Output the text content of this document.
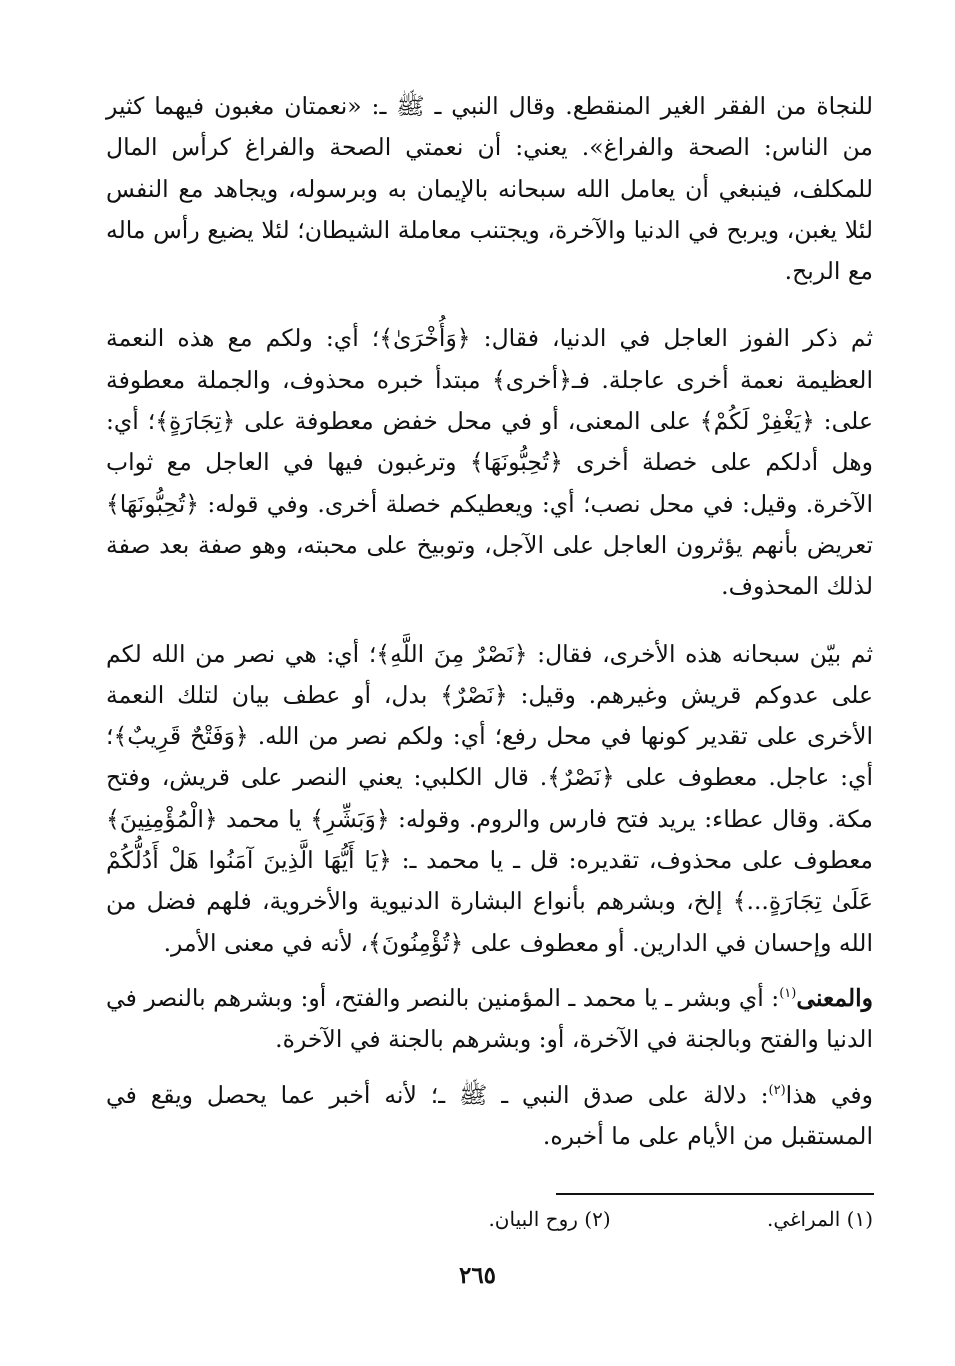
للنجاة من الفقر الغير المنقطع. وقال النبي ـ ﷺ ـ: «نعمتان مغبون فيهما كثير من الناس: الصحة والفراغ». يعني: أن نعمتي الصحة والفراغ كرأس المال للمكلف، فينبغي أن يعامل الله سبحانه بالإيمان به وبرسوله، ويجاهد مع النفس لئلا يغبن، ويربح في الدنيا والآخرة، ويجتنب معاملة الشيطان؛ لئلا يضيع رأس ماله مع الربح.

ثم ذكر الفوز العاجل في الدنيا، فقال: ﴿وَأُخْرَىٰ﴾؛ أي: ولكم مع هذه النعمة العظيمة نعمة أخرى عاجلة. فـ﴿أخرى﴾ مبتدأ خبره محذوف، والجملة معطوفة على: ﴿يَغْفِرْ لَكُمْ﴾ على المعنى، أو في محل خفض معطوفة على ﴿تِجَارَةٍ﴾؛ أي: وهل أدلكم على خصلة أخرى ﴿تُحِبُّونَهَا﴾ وترغبون فيها في العاجل مع ثواب الآخرة. وقيل: في محل نصب؛ أي: ويعطيكم خصلة أخرى. وفي قوله: ﴿تُحِبُّونَهَا﴾ تعريض بأنهم يؤثرون العاجل على الآجل، وتوبيخ على محبته، وهو صفة بعد صفة لذلك المحذوف.

ثم بيّن سبحانه هذه الأخرى، فقال: ﴿نَصْرٌ مِنَ اللَّهِ﴾؛ أي: هي نصر من الله لكم على عدوكم قريش وغيرهم. وقيل: ﴿نَصْرٌ﴾ بدل، أو عطف بيان لتلك النعمة الأخرى على تقدير كونها في محل رفع؛ أي: ولكم نصر من الله. ﴿وَفَتْحٌ قَرِيبٌ﴾؛ أي: عاجل. معطوف على ﴿نَصْرٌ﴾. قال الكلبي: يعني النصر على قريش، وفتح مكة. وقال عطاء: يريد فتح فارس والروم. وقوله: ﴿وَبَشِّرِ﴾ يا محمد ﴿الْمُؤْمِنِينَ﴾ معطوف على محذوف، تقديره: قل ـ يا محمد ـ: ﴿يَا أَيُّهَا الَّذِينَ آمَنُوا هَلْ أَدُلُّكُمْ عَلَىٰ تِجَارَةٍ...﴾ إلخ، وبشرهم بأنواع البشارة الدنيوية والأخروية، فلهم فضل من الله وإحسان في الدارين. أو معطوف على ﴿تُؤْمِنُونَ﴾، لأنه في معنى الأمر.

والمعنى$^{(١)}$: أي وبشر ـ يا محمد ـ المؤمنين بالنصر والفتح، أو: وبشرهم بالنصر في الدنيا والفتح وبالجنة في الآخرة، أو: وبشرهم بالجنة في الآخرة.

وفي هذا$^{(٢)}$: دلالة على صدق النبي ـ ﷺ ـ؛ لأنه أخبر عما يحصل ويقع في المستقبل من الأيام على ما أخبره.

(١) المراغي. (٢) روح البيان.
٢٦٥
